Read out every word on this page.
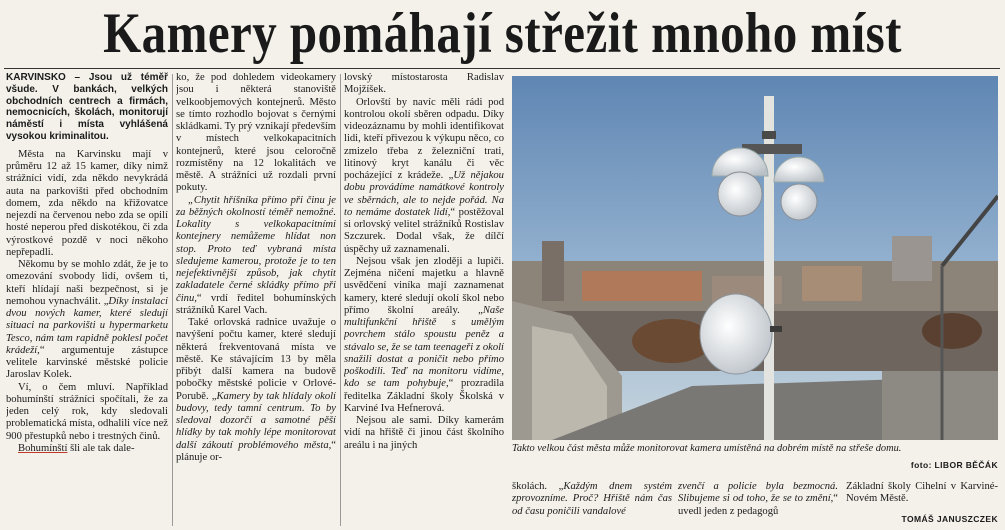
Kamery pomáhají střežit mnoho míst

KARVINSKO – Jsou už téměř všude. V bankách, velkých obchodních centrech a firmách, nemocnicích, školách, monitorují náměstí i místa vyhlášená vysokou kriminalitou.

Města na Karvinsku mají v průměru 12 až 15 kamer, díky nimž strážníci vidí, zda někdo nevykrádá auta na parkovišti před obchodním domem, zda někdo na křižovatce nejezdí na červenou nebo zda se opilí hosté neperou před diskotékou, či zda výrostkové pozdě v noci někoho nepřepadli.

Někomu by se mohlo zdát, že je to omezování svobody lidí, ovšem ti, kteří hlídají naši bezpečnost, si je nemohou vynachválit. „Díky instalaci dvou nových kamer, které sledují situaci na parkovišti u hypermarketu Tesco, nám tam rapidně poklesl počet krádeží,“ argumentuje zástupce velitele karvinské městské policie Jaroslav Kolek.

Ví, o čem mluví. Například bohumínští strážníci spočítali, že za jeden celý rok, kdy sledovali problematická místa, odhalili více než 900 přestupků nebo i trestných činů.

Bohumínští šli ale tak dale-

ko, že pod dohledem videokamery jsou i některá stanoviště velkoobjemových kontejnerů. Město se tímto rozhodlo bojovat s černými skládkami. Ty prý vznikají především v místech velkokapacitních kontejnerů, které jsou celoročně rozmístěny na 12 lokalitách ve městě. A strážníci už rozdali první pokuty.

„Chytit hříšníka přímo při činu je za běžných okolností téměř nemožné. Lokality s velkokapacitními kontejnery nemůžeme hlídat non stop. Proto teď vybraná místa sledujeme kamerou, protože je to ten nejefektivnější způsob, jak chytit zakladatele černé skládky přímo při činu,“ vrdí ředitel bohumínských strážníků Karel Vach.

Také orlovská radnice uvažuje o navýšení počtu kamer, které sledují některá frekventovaná místa ve městě. Ke stávajícím 13 by měla přibýt další kamera na budově pobočky městské policie v Orlové-Porubě. „Kamery by tak hlídaly okolí budovy, tedy tamní centrum. To by sledoval dozorčí a samotné pěší hlídky by tak mohly lépe monitorovat další zákoutí problémového města,“ plánuje or-

lovský místostarosta Radislav Mojžíšek.

Orlovští by navíc měli rádi pod kontrolou okolí sběren odpadu. Díky videozáznamu by mohli identifikovat lidi, kteří přivezou k výkupu něco, co zmizelo třeba z železniční trati, litinový kryt kanálu či věc pocházející z krádeže. „Už nějakou dobu provádíme namátkové kontroly ve sběrnách, ale to nejde pořád. Na to nemáme dostatek lidí,“ postěžoval si orlovský velitel strážníků Rostislav Szczurek. Dodal však, že dílčí úspěchy už zaznamenali.

Nejsou však jen zloději a lupiči. Zejména ničení majetku a hlavně usvědčení viníka mají zaznamenat kamery, které sledují okolí škol nebo přímo školní areály. „Naše multifunkční hřiště s umělým povrchem stálo spoustu peněz a stávalo se, že se tam teenageři z okolí snažili dostat a poničit nebo přímo poškodili. Teď na monitoru vidíme, kdo se tam pohybuje,“ prozradila ředitelka Základní školy Školská v Karviné Iva Hefnerová.

Nejsou ale sami. Díky kamerám vidí na hřiště či jinou část školního areálu i na jiných	Takto velkou část města může monitorovat kamera umístěná na dobrém místě na střeše domu.
foto: LIBOR BĚČÁK
školách. „Každým dnem systém zprovozníme. Proč? Hřiště nám čas od času poničili vandalové
zvenčí a policie byla bezmocná. Slibujeme si od toho, že se to změní,“ uvedl jeden z pedagogů
Základní školy Cihelní v Karviné-Novém Městě.
TOMÁŠ JANUSZCZEK
